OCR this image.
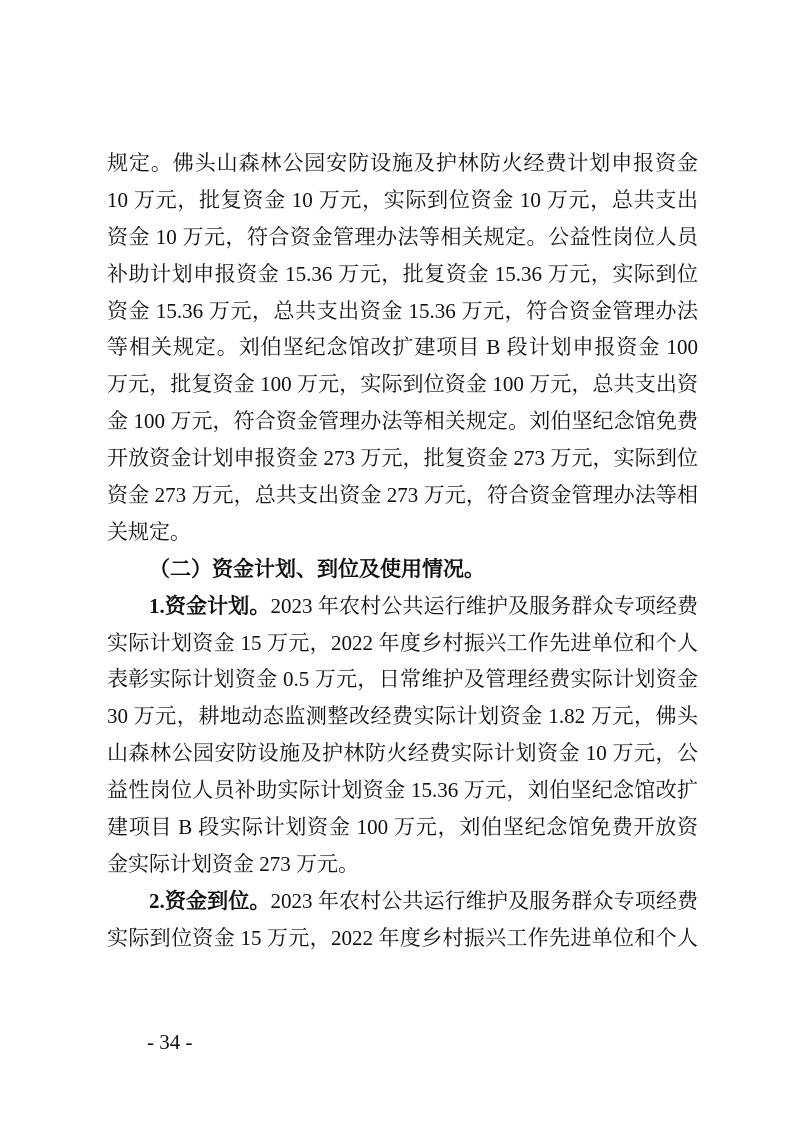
规定。佛头山森林公园安防设施及护林防火经费计划申报资金
10 万元，批复资金 10 万元，实际到位资金 10 万元，总共支出
资金 10 万元，符合资金管理办法等相关规定。公益性岗位人员
补助计划申报资金 15.36 万元，批复资金 15.36 万元，实际到位
资金 15.36 万元，总共支出资金 15.36 万元，符合资金管理办法
等相关规定。刘伯坚纪念馆改扩建项目 B 段计划申报资金 100
万元，批复资金 100 万元，实际到位资金 100 万元，总共支出资
金 100 万元，符合资金管理办法等相关规定。刘伯坚纪念馆免费
开放资金计划申报资金 273 万元，批复资金 273 万元，实际到位
资金 273 万元，总共支出资金 273 万元，符合资金管理办法等相
关规定。
（二）资金计划、到位及使用情况。
1.资金计划。2023 年农村公共运行维护及服务群众专项经费
实际计划资金 15 万元，2022 年度乡村振兴工作先进单位和个人
表彰实际计划资金 0.5 万元，日常维护及管理经费实际计划资金
30 万元，耕地动态监测整改经费实际计划资金 1.82 万元，佛头
山森林公园安防设施及护林防火经费实际计划资金 10 万元，公
益性岗位人员补助实际计划资金 15.36 万元，刘伯坚纪念馆改扩
建项目 B 段实际计划资金 100 万元，刘伯坚纪念馆免费开放资
金实际计划资金 273 万元。
2.资金到位。2023 年农村公共运行维护及服务群众专项经费
实际到位资金 15 万元，2022 年度乡村振兴工作先进单位和个人
- 34 -
